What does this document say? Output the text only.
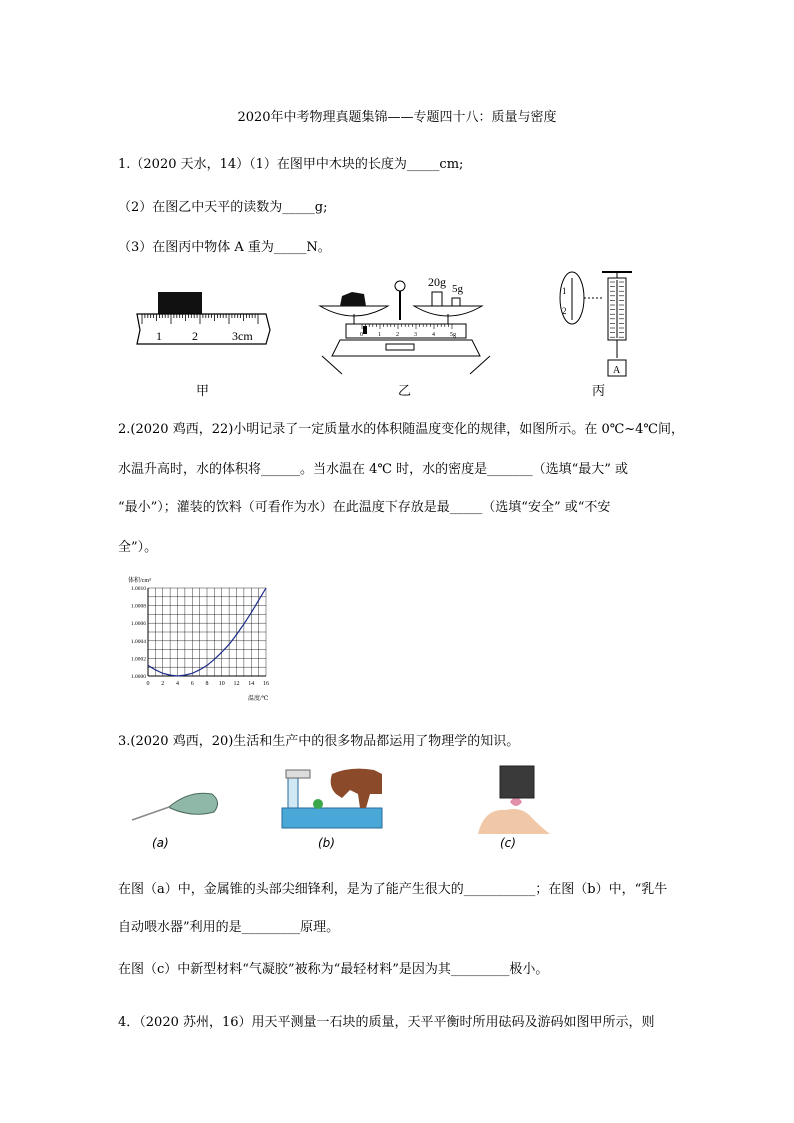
2020年中考物理真题集锦——专题四十八：质量与密度
1.（2020 天水，14）（1）在图甲中木块的长度为_____cm;
（2）在图乙中天平的读数为_____g;
（3）在图丙中物体 A 重为_____N。
1	2	3cm
20g 5g
0	1	2	3	4	5g
1
2
A
甲	乙	丙
2.(2020 鸡西，22)小明记录了一定质量水的体积随温度变化的规律，如图所示。在 0℃~4℃间，
水温升高时，水的体积将______。当水温在 4℃ 时，水的密度是_______（选填“最大” 或
“最小”）；灌装的饮料（可看作为水）在此温度下存放是最_____（选填“安全” 或“不安
全”）。
体积/cm³
1.0000
1.0002
1.0004
1.0006
1.0008
1.0010
0 2 4 6 8 10 12 14 16
温度/℃
3.(2020 鸡西，20)生活和生产中的很多物品都运用了物理学的知识。
(a)	(b)	(c)
在图（a）中，金属锥的头部尖细锋利，是为了能产生很大的___________；在图（b）中，“乳牛
自动喂水器”利用的是_________原理。
在图（c）中新型材料“气凝胶”被称为“最轻材料”是因为其_________极小。
4．（2020 苏州，16）用天平测量一石块的质量，天平平衡时所用砝码及游码如图甲所示，则
